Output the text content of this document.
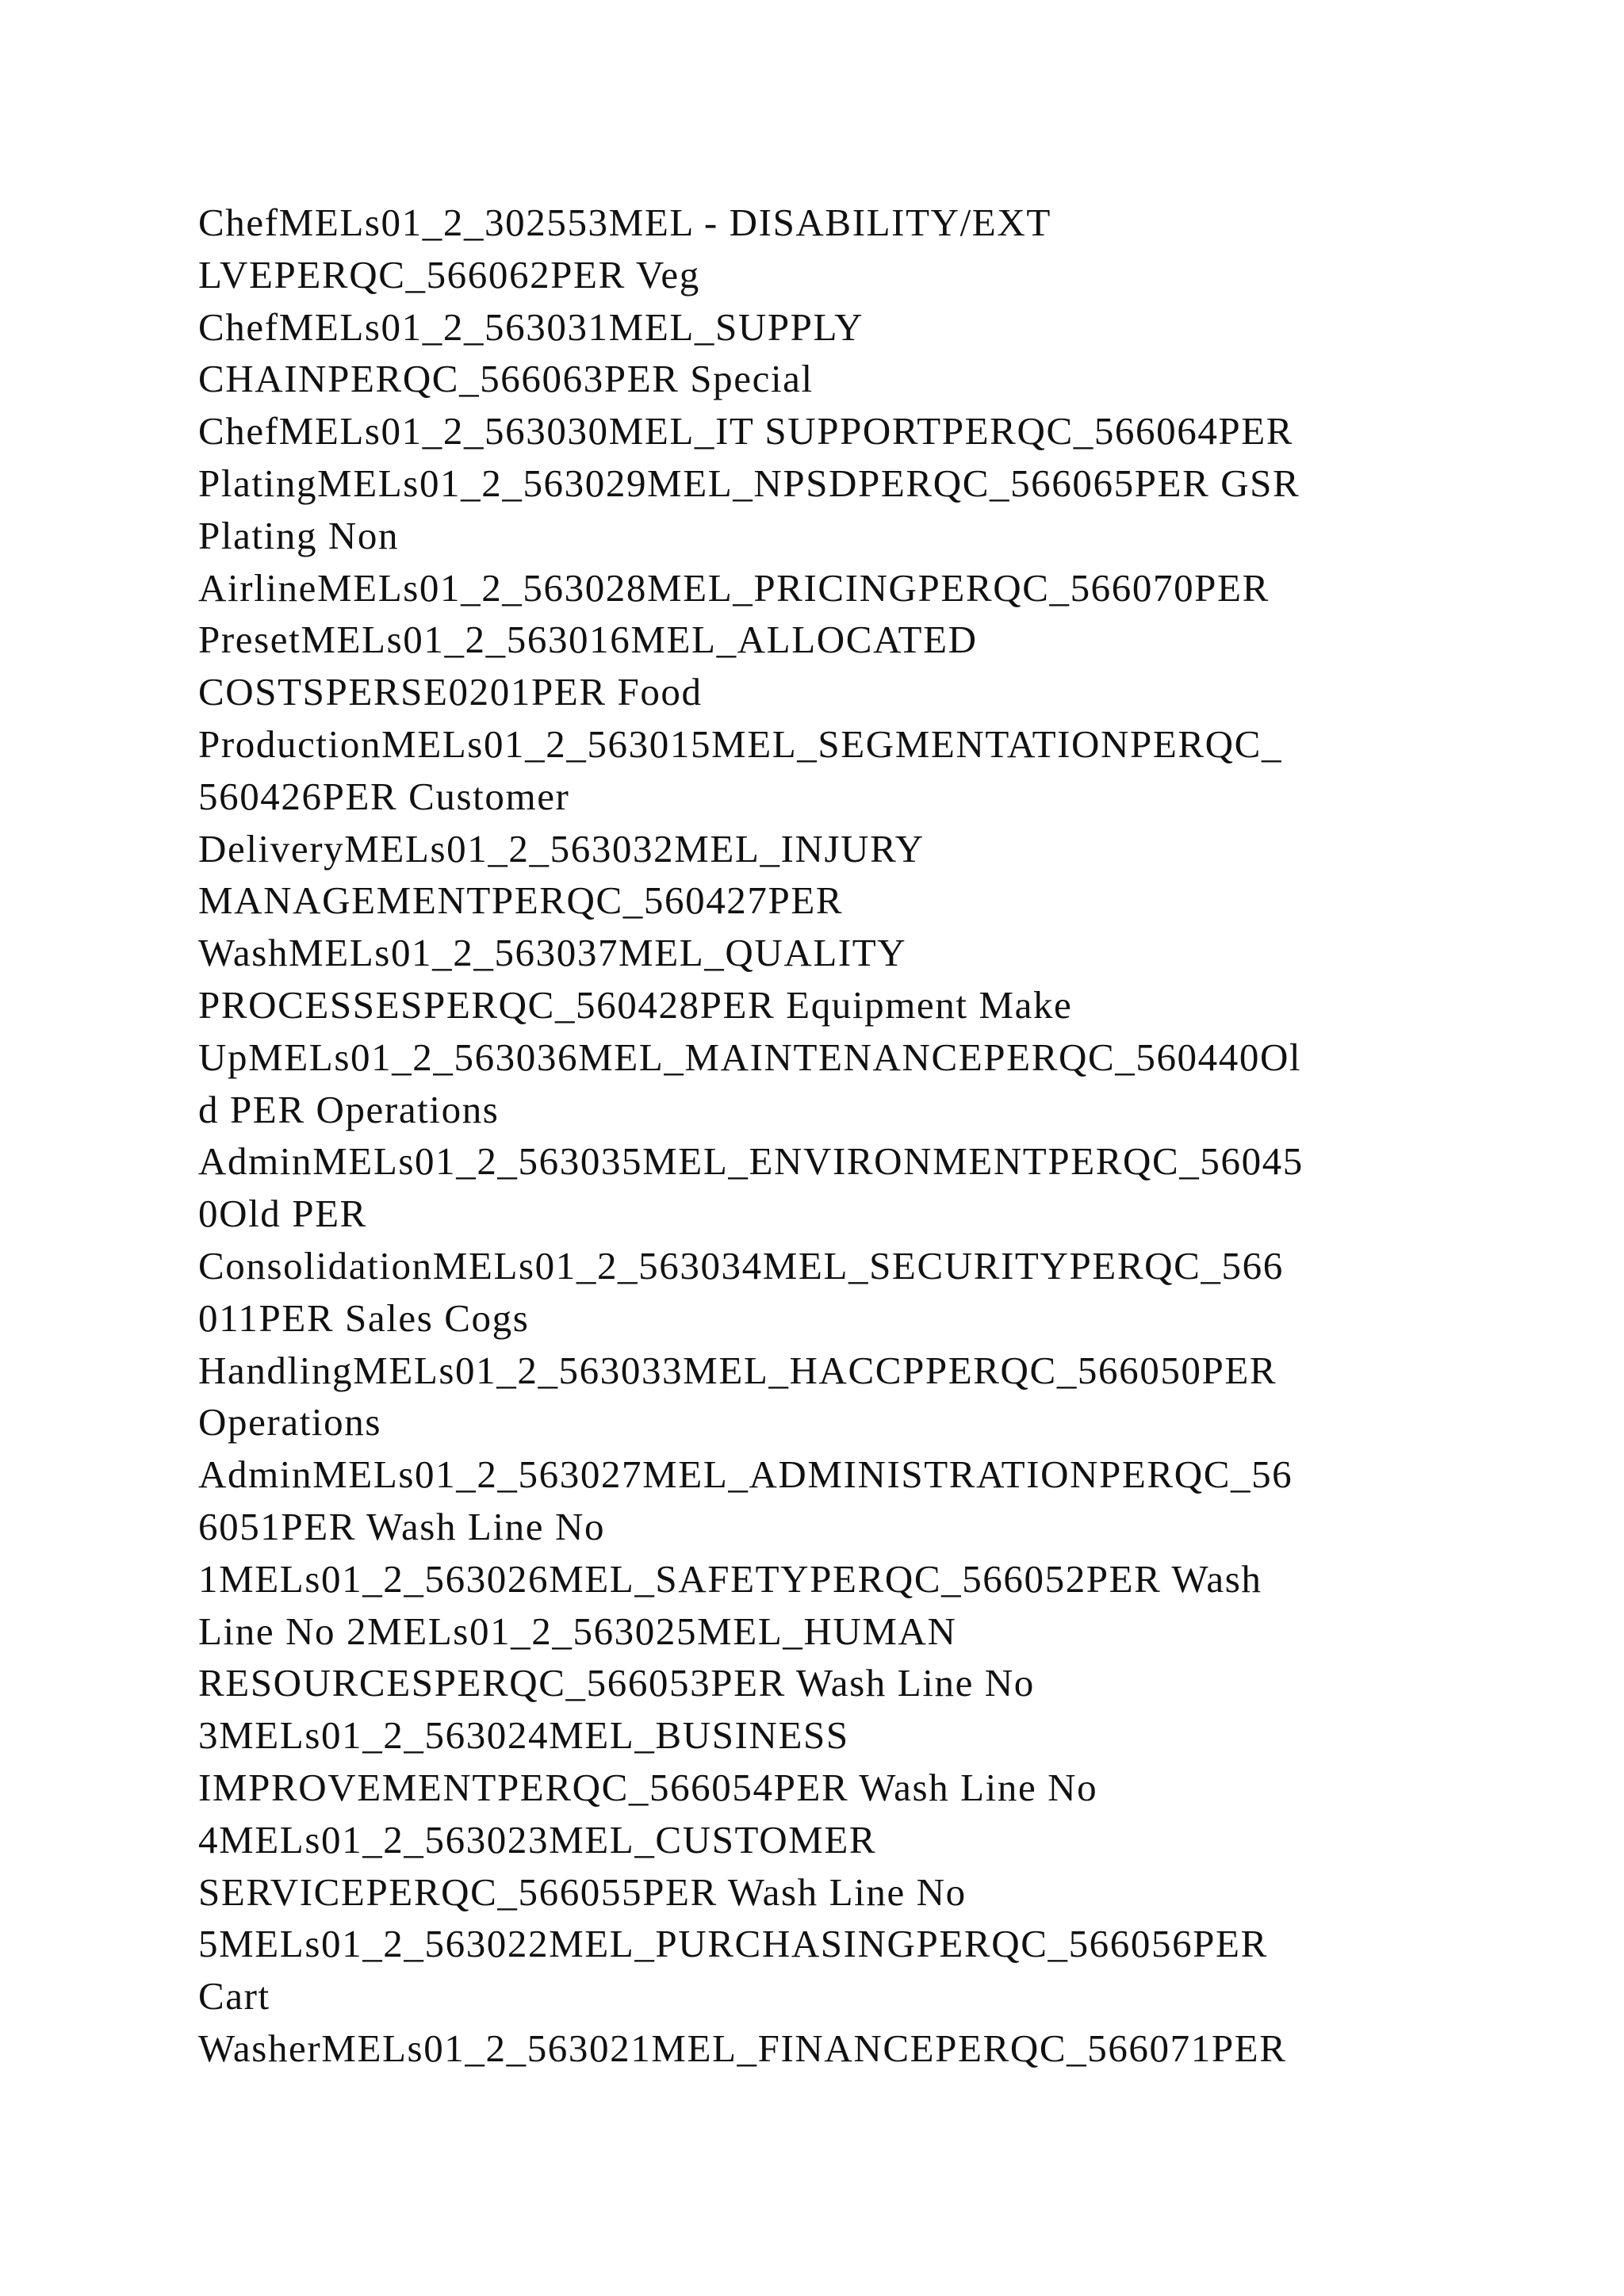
ChefMELs01_2_302553MEL - DISABILITY/EXT
LVEPERQC_566062PER Veg
ChefMELs01_2_563031MEL_SUPPLY
CHAINPERQC_566063PER Special
ChefMELs01_2_563030MEL_IT SUPPORTPERQC_566064PER
PlatingMELs01_2_563029MEL_NPSDPERQC_566065PER GSR
Plating Non
AirlineMELs01_2_563028MEL_PRICINGPERQC_566070PER
PresetMELs01_2_563016MEL_ALLOCATED
COSTSPERSE0201PER Food
ProductionMELs01_2_563015MEL_SEGMENTATIONPERQC_
560426PER Customer
DeliveryMELs01_2_563032MEL_INJURY
MANAGEMENTPERQC_560427PER
WashMELs01_2_563037MEL_QUALITY
PROCESSESPERQC_560428PER Equipment Make
UpMELs01_2_563036MEL_MAINTENANCEPERQC_560440Ol
d PER Operations
AdminMELs01_2_563035MEL_ENVIRONMENTPERQC_56045
0Old PER
ConsolidationMELs01_2_563034MEL_SECURITYPERQC_566
011PER Sales Cogs
HandlingMELs01_2_563033MEL_HACCPPERQC_566050PER
Operations
AdminMELs01_2_563027MEL_ADMINISTRATIONPERQC_56
6051PER Wash Line No
1MELs01_2_563026MEL_SAFETYPERQC_566052PER Wash
Line No 2MELs01_2_563025MEL_HUMAN
RESOURCESPERQC_566053PER Wash Line No
3MELs01_2_563024MEL_BUSINESS
IMPROVEMENTPERQC_566054PER Wash Line No
4MELs01_2_563023MEL_CUSTOMER
SERVICEPERQC_566055PER Wash Line No
5MELs01_2_563022MEL_PURCHASINGPERQC_566056PER
Cart
WasherMELs01_2_563021MEL_FINANCEPERQC_566071PER
